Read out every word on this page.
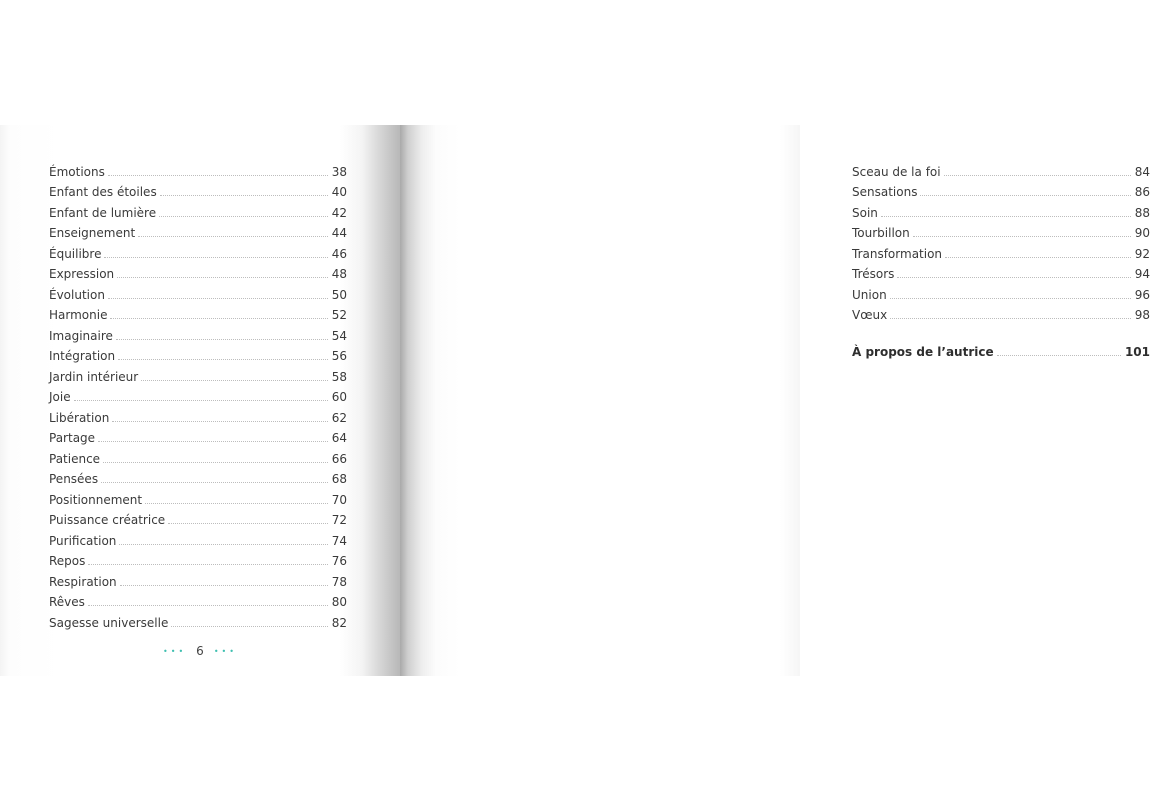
Émotions	38
Enfant des étoiles	40
Enfant de lumière	42
Enseignement	44
Équilibre	46
Expression	48
Évolution	50
Harmonie	52
Imaginaire	54
Intégration	56
Jardin intérieur	58
Joie	60
Libération	62
Partage	64
Patience	66
Pensées	68
Positionnement	70
Puissance créatrice	72
Purification	74
Repos	76
Respiration	78
Rêves	80
Sagesse universelle	82
••• 6 •••
Sceau de la foi	84
Sensations	86
Soin	88
Tourbillon	90
Transformation	92
Trésors	94
Union	96
Vœux	98
À propos de l’autrice	101
